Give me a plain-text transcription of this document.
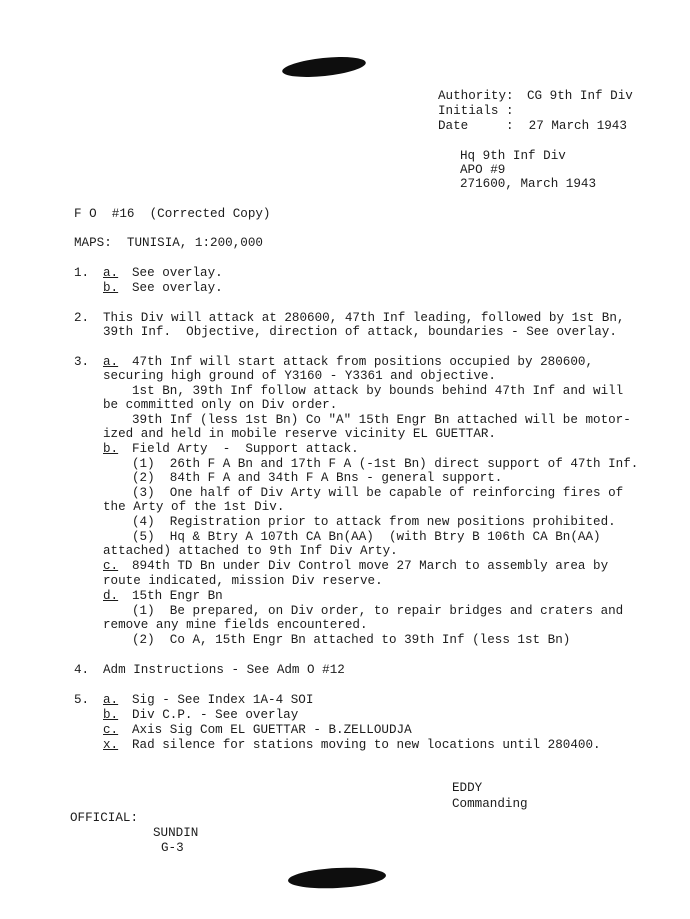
Authority: CG 9th Inf Div
Initials :
Date	:  27 March 1943
Hq 9th Inf Div
APO #9
271600, March 1943
F O  #16  (Corrected Copy)
MAPS:  TUNISIA, 1:200,000
1. a. See overlay.
b. See overlay.
2. This Div will attack at 280600, 47th Inf leading, followed by 1st Bn,
39th Inf.  Objective, direction of attack, boundaries - See overlay.
3. a. 47th Inf will start attack from positions occupied by 280600,
securing high ground of Y3160 - Y3361 and objective.
1st Bn, 39th Inf follow attack by bounds behind 47th Inf and will
be committed only on Div order.
39th Inf (less 1st Bn) Co "A" 15th Engr Bn attached will be motor-
ized and held in mobile reserve vicinity EL GUETTAR.
b. Field Arty  -  Support attack.
(1)  26th F A Bn and 17th F A (-1st Bn) direct support of 47th Inf.
(2)  84th F A and 34th F A Bns - general support.
(3)  One half of Div Arty will be capable of reinforcing fires of
the Arty of the 1st Div.
(4)  Registration prior to attack from new positions prohibited.
(5)  Hq & Btry A 107th CA Bn(AA)  (with Btry B 106th CA Bn(AA)
attached) attached to 9th Inf Div Arty.
c. 894th TD Bn under Div Control move 27 March to assembly area by
route indicated, mission Div reserve.
d. 15th Engr Bn
(1)  Be prepared, on Div order, to repair bridges and craters and
remove any mine fields encountered.
(2)  Co A, 15th Engr Bn attached to 39th Inf (less 1st Bn)
4. Adm Instructions - See Adm O #12
5. a. Sig - See Index 1A-4 SOI
b. Div C.P. - See overlay
c. Axis Sig Com EL GUETTAR - B.ZELLOUDJA
x. Rad silence for stations moving to new locations until 280400.
EDDY
Commanding
OFFICIAL:
SUNDIN
G-3
